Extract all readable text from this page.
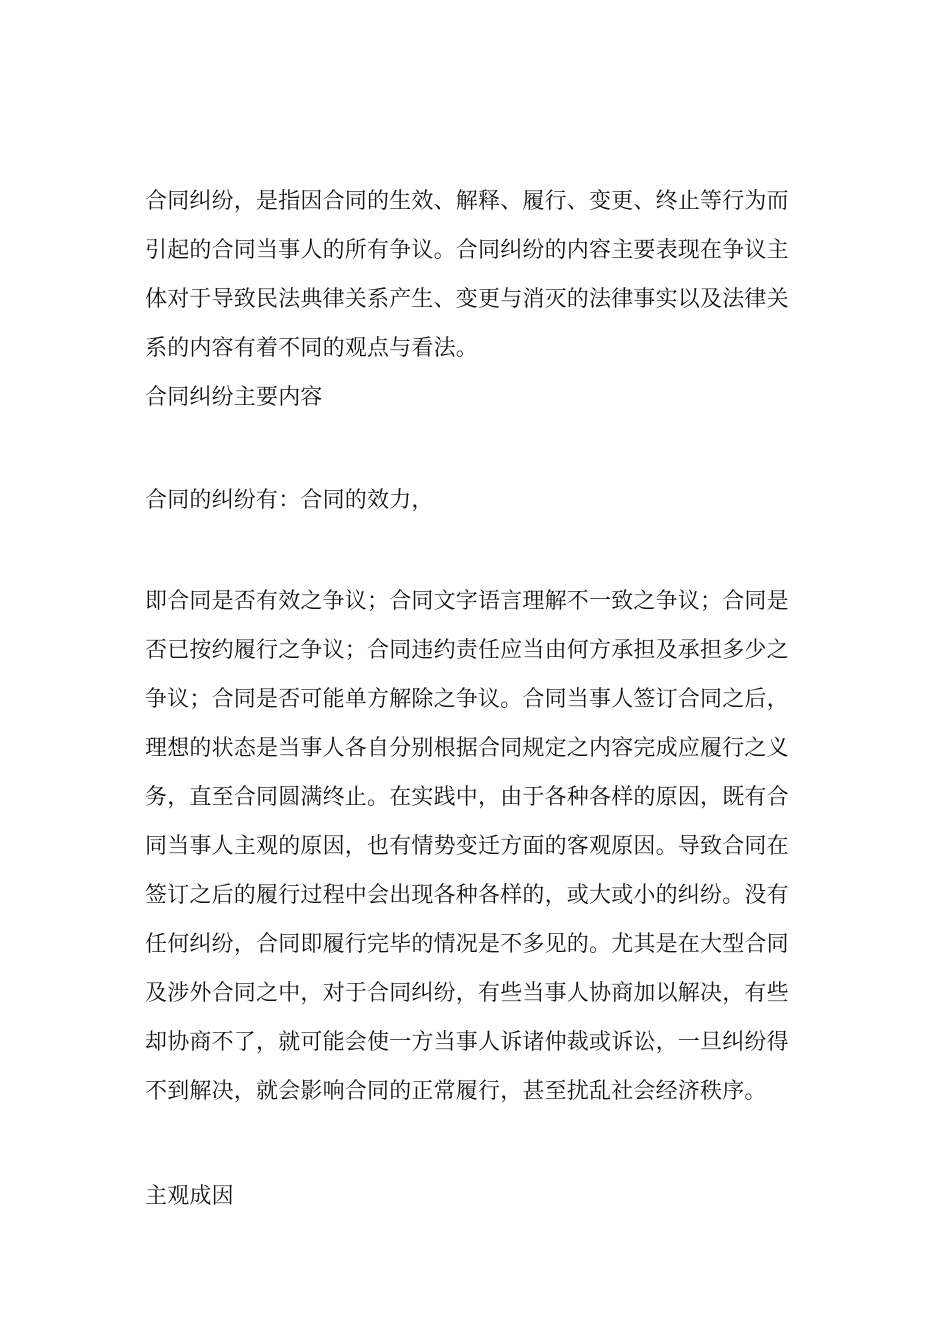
合同纠纷，是指因合同的生效、解释、履行、变更、终止等行为而
引起的合同当事人的所有争议。合同纠纷的内容主要表现在争议主
体对于导致民法典律关系产生、变更与消灭的法律事实以及法律关
系的内容有着不同的观点与看法。
合同纠纷主要内容
合同的纠纷有：合同的效力，
即合同是否有效之争议；合同文字语言理解不一致之争议；合同是
否已按约履行之争议；合同违约责任应当由何方承担及承担多少之
争议；合同是否可能单方解除之争议。合同当事人签订合同之后，
理想的状态是当事人各自分别根据合同规定之内容完成应履行之义
务，直至合同圆满终止。在实践中，由于各种各样的原因，既有合
同当事人主观的原因，也有情势变迁方面的客观原因。导致合同在
签订之后的履行过程中会出现各种各样的，或大或小的纠纷。没有
任何纠纷，合同即履行完毕的情况是不多见的。尤其是在大型合同
及涉外合同之中，对于合同纠纷，有些当事人协商加以解决，有些
却协商不了，就可能会使一方当事人诉诸仲裁或诉讼，一旦纠纷得
不到解决，就会影响合同的正常履行，甚至扰乱社会经济秩序。
主观成因
